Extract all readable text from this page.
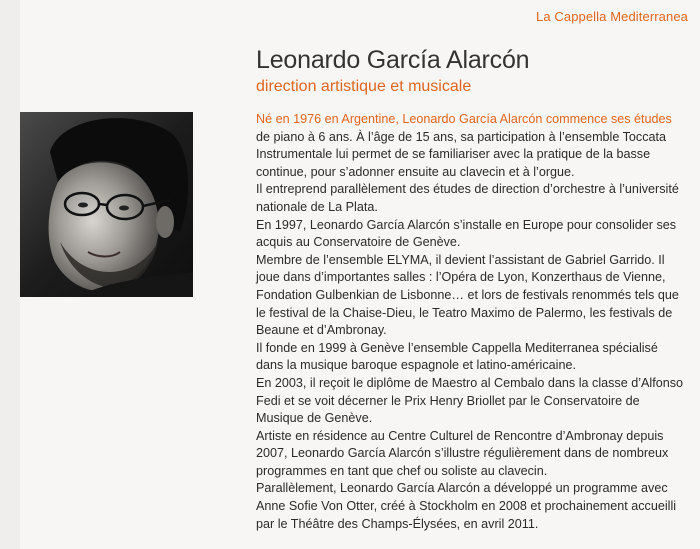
La Cappella Mediterranea
Leonardo García Alarcón
direction artistique et musicale

Né en 1976 en Argentine, Leonardo García Alarcón commence ses études de piano à 6 ans. À l’âge de 15 ans, sa participation à l’ensemble Toccata Instrumentale lui permet de se familiariser avec la pratique de la basse continue, pour s’adonner ensuite au clavecin et à l’orgue.

Il entreprend parallèlement des études de direction d’orchestre à l’université nationale de La Plata.

En 1997, Leonardo García Alarcón s’installe en Europe pour consolider ses acquis au Conservatoire de Genève.

Membre de l’ensemble ELYMA, il devient l’assistant de Gabriel Garrido. Il joue dans d’importantes salles : l’Opéra de Lyon, Konzerthaus de Vienne, Fondation Gulbenkian de Lisbonne… et lors de festivals renommés tels que le festival de la Chaise-Dieu, le Teatro Maximo de Palermo, les festivals de Beaune et d’Ambronay.

Il fonde en 1999 à Genève l’ensemble Cappella Mediterranea spécialisé dans la musique baroque espagnole et latino-américaine.

En 2003, il reçoit le diplôme de Maestro al Cembalo dans la classe d’Alfonso Fedi et se voit décerner le Prix Henry Briollet par le Conservatoire de Musique de Genève.

Artiste en résidence au Centre Culturel de Rencontre d’Ambronay depuis 2007, Leonardo García Alarcón s’illustre régulièrement dans de nombreux programmes en tant que chef ou soliste au clavecin.

Parallèlement, Leonardo García Alarcón a développé un programme avec Anne Sofie Von Otter, créé à Stockholm en 2008 et prochainement accueilli par le Théâtre des Champs-Élysées, en avril 2011.
